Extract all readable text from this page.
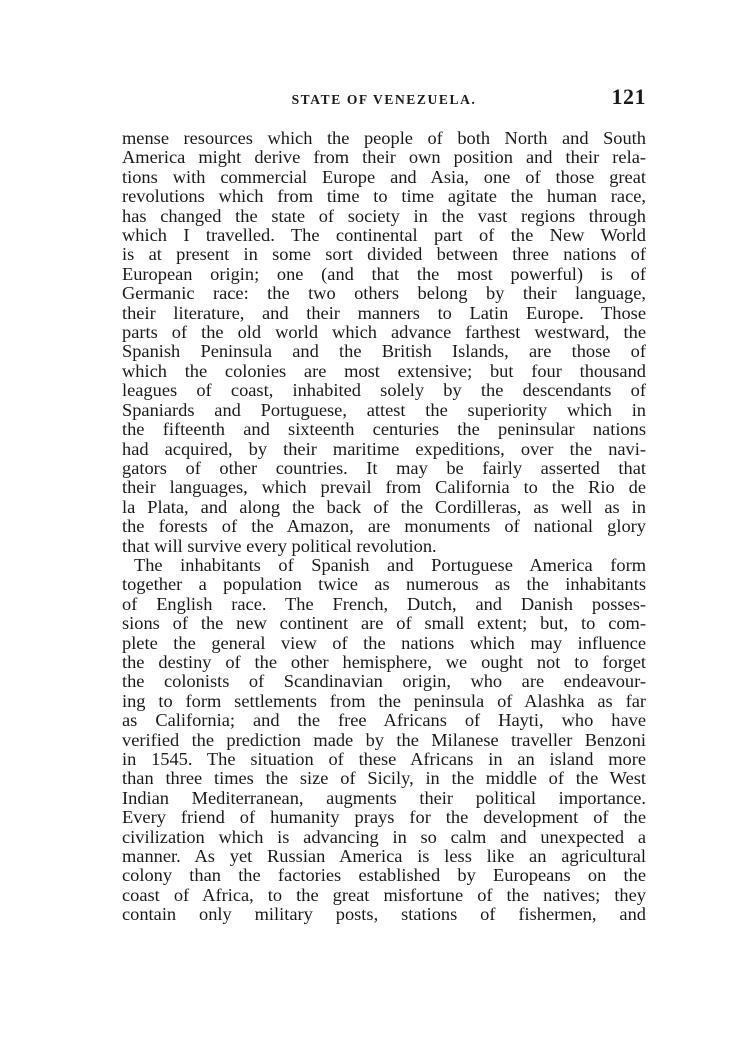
STATE OF VENEZUELA.	121
mense resources which the people of both North and South
America might derive from their own position and their rela-
tions with commercial Europe and Asia, one of those great
revolutions which from time to time agitate the human race,
has changed the state of society in the vast regions through
which I travelled. The continental part of the New World
is at present in some sort divided between three nations of
European origin; one (and that the most powerful) is of
Germanic race: the two others belong by their language,
their literature, and their manners to Latin Europe. Those
parts of the old world which advance farthest westward, the
Spanish Peninsula and the British Islands, are those of
which the colonies are most extensive; but four thousand
leagues of coast, inhabited solely by the descendants of
Spaniards and Portuguese, attest the superiority which in
the fifteenth and sixteenth centuries the peninsular nations
had acquired, by their maritime expeditions, over the navi-
gators of other countries. It may be fairly asserted that
their languages, which prevail from California to the Rio de
la Plata, and along the back of the Cordilleras, as well as in
the forests of the Amazon, are monuments of national glory
that will survive every political revolution.
The inhabitants of Spanish and Portuguese America form
together a population twice as numerous as the inhabitants
of English race. The French, Dutch, and Danish posses-
sions of the new continent are of small extent; but, to com-
plete the general view of the nations which may influence
the destiny of the other hemisphere, we ought not to forget
the colonists of Scandinavian origin, who are endeavour-
ing to form settlements from the peninsula of Alashka as far
as California; and the free Africans of Hayti, who have
verified the prediction made by the Milanese traveller Benzoni
in 1545. The situation of these Africans in an island more
than three times the size of Sicily, in the middle of the West
Indian Mediterranean, augments their political importance.
Every friend of humanity prays for the development of the
civilization which is advancing in so calm and unexpected a
manner. As yet Russian America is less like an agricultural
colony than the factories established by Europeans on the
coast of Africa, to the great misfortune of the natives; they
contain only military posts, stations of fishermen, and
